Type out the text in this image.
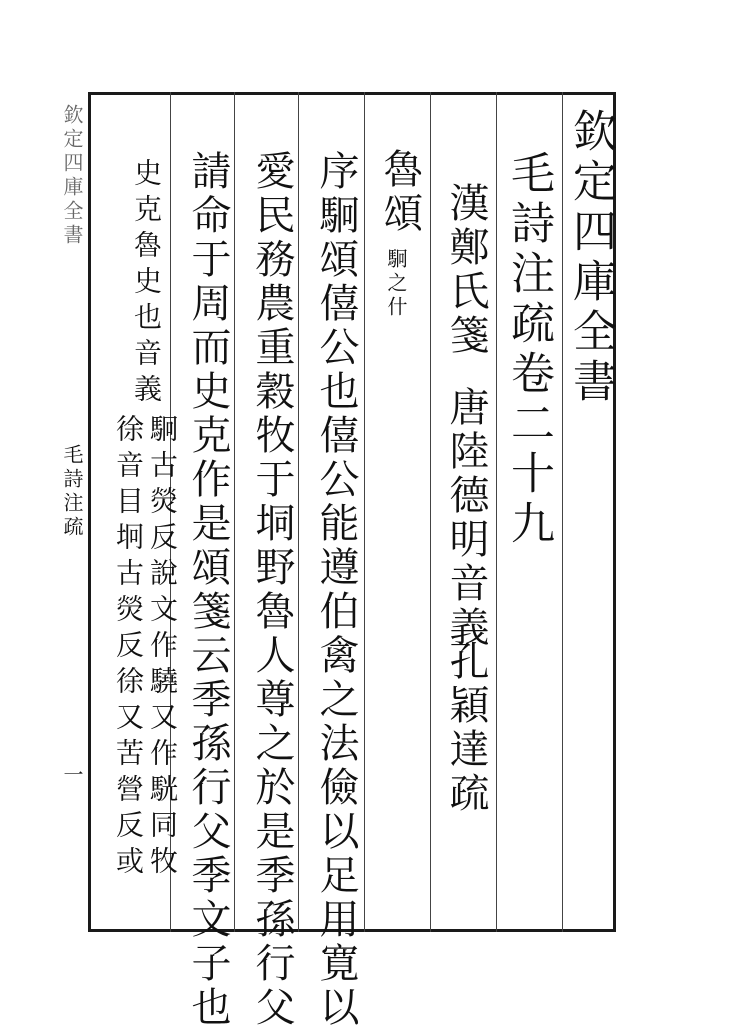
欽定四庫全書
毛詩注疏卷二十九
漢鄭氏箋
唐陸德明音義
孔穎達疏
魯頌
駉之什
序駉頌僖公也僖公能遵伯禽之法儉以足用寛以
愛民務農重穀牧于垌野魯人尊之於是季孫行父
請命于周而史克作是頌箋云季孫行父季文子也
史克魯史也音義
駉古熒反說文作驍又作駫同牧
徐音目坰古熒反徐又苦營反或
欽定四庫全書
毛詩注疏
一
